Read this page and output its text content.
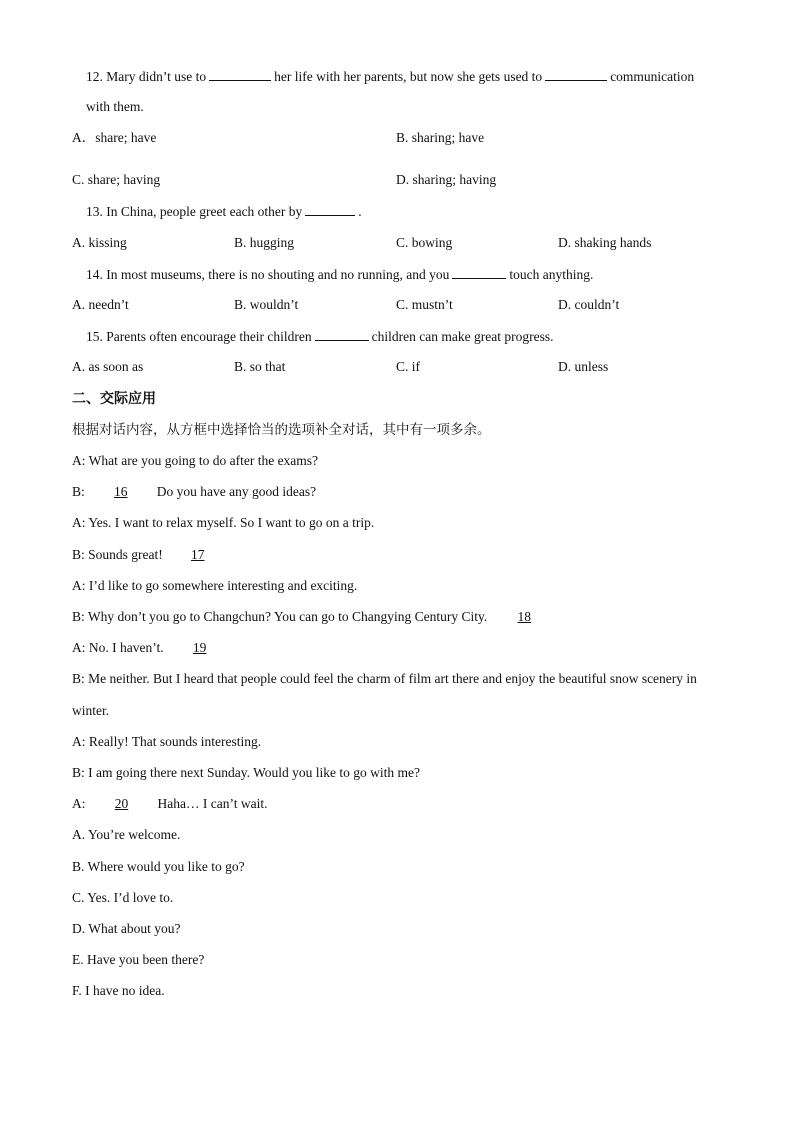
12. Mary didn’t use to	her life with her parents, but now she gets used to	communication
with them.
A．share; have	B. sharing; have
C. share; having	D. sharing; having
13. In China, people greet each other by	.
A. kissing	B. hugging	C. bowing	D. shaking hands
14. In most museums, there is no shouting and no running, and you	touch anything.
A. needn’t	B. wouldn’t	C. mustn’t	D. couldn’t
15. Parents often encourage their children	children can make great progress.
A. as soon as	B. so that	C. if	D. unless
二、交际应用
根据对话内容，从方框中选择恰当的选项补全对话，其中有一项多余。
A: What are you going to do after the exams?
B: 16 Do you have any good ideas?
A: Yes. I want to relax myself. So I want to go on a trip.
B: Sounds great! 17
A: I’d like to go somewhere interesting and exciting.
B: Why don’t you go to Changchun? You can go to Changying Century City. 18
A: No. I haven’t. 19
B: Me neither. But I heard that people could feel the charm of film art there and enjoy the beautiful snow scenery in
winter.
A: Really! That sounds interesting.
B: I am going there next Sunday. Would you like to go with me?
A: 20 Haha… I can’t wait.
A. You’re welcome.
B. Where would you like to go?
C. Yes. I’d love to.
D. What about you?
E. Have you been there?
F. I have no idea.
